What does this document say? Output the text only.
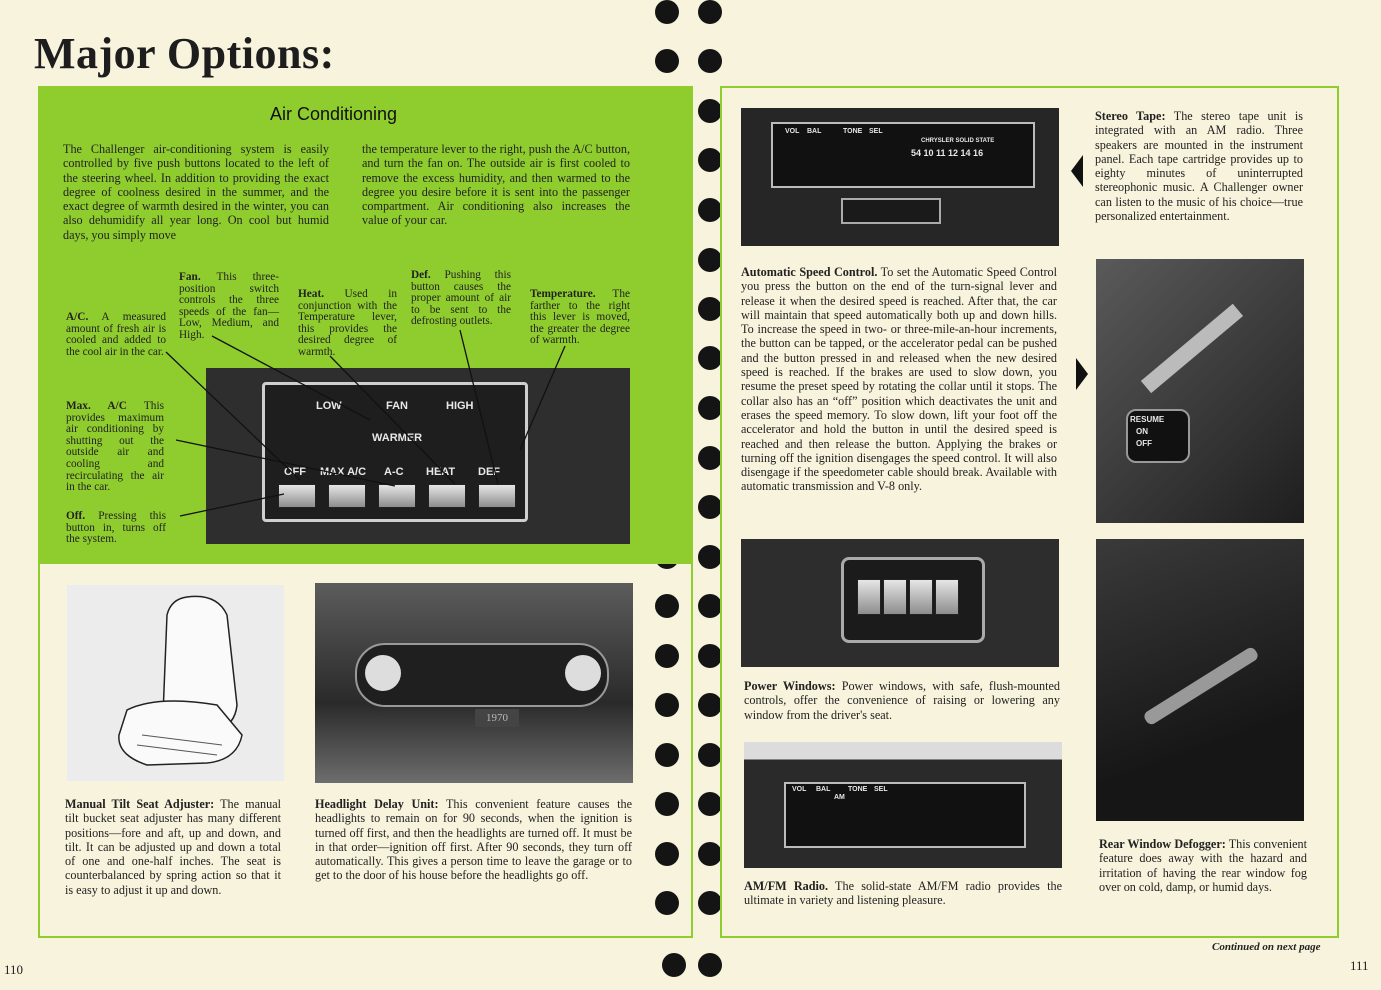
Major Options:
Air Conditioning
The Challenger air-conditioning system is easily controlled by five push buttons located to the left of the steering wheel. In addition to providing the exact degree of coolness desired in the summer, and the exact degree of warmth desired in the winter, you can also dehumidify all year long. On cool but humid days, you simply move
the temperature lever to the right, push the A/C button, and turn the fan on. The outside air is first cooled to remove the excess humidity, and then warmed to the degree you desire before it is sent into the passenger compartment. Air conditioning also increases the value of your car.
A/C. A measured amount of fresh air is cooled and added to the cool air in the car.
Fan. This three-position switch controls the three speeds of the fan—Low, Medium, and High.
Heat. Used in conjunction with the Temperature lever, this provides the desired degree of warmth.
Def. Pushing this button causes the proper amount of air to be sent to the defrosting outlets.
Temperature. The farther to the right this lever is moved, the greater the degree of warmth.
Max. A/C This provides maximum air conditioning by shutting out the outside air and cooling and recirculating the air in the car.
Off. Pressing this button in, turns off the system.
LOW	FAN	HIGH
WARMER
OFF MAX A/C A-C HEAT DEF
Manual Tilt Seat Adjuster: The manual tilt bucket seat adjuster has many different positions—fore and aft, up and down, and tilt. It can be adjusted up and down a total of one and one-half inches. The seat is counterbalanced by spring action so that it is easy to adjust it up and down.
1970
Headlight Delay Unit: This convenient feature causes the headlights to remain on for 90 seconds, when the ignition is turned off first, and then the headlights are turned off. It must be in that order—ignition off first. After 90 seconds, they turn off automatically. This gives a person time to leave the garage or to get to the door of his house before the headlights go off.
VOL BAL	TONE SEL
CHRYSLER SOLID STATE
54 10 11 12 14 16
Stereo Tape: The stereo tape unit is integrated with an AM radio. Three speakers are mounted in the instrument panel. Each tape cartridge provides up to eighty minutes of uninterrupted stereophonic music. A Challenger owner can listen to the music of his choice—true personalized entertainment.
Automatic Speed Control. To set the Automatic Speed Control you press the button on the end of the turn-signal lever and release it when the desired speed is reached. After that, the car will maintain that speed automatically both up and down hills. To increase the speed in two- or three-mile-an-hour increments, the button can be tapped, or the accelerator pedal can be pushed and the button pressed in and released when the new desired speed is reached. If the brakes are used to slow down, you resume the preset speed by rotating the collar until it stops. The collar also has an “off” position which deactivates the unit and erases the speed memory. To slow down, lift your foot off the accelerator and hold the button in until the desired speed is reached and then release the button. Applying the brakes or turning off the ignition disengages the speed control. It will also disengage if the speedometer cable should break. Available with automatic transmission and V-8 only.
RESUME
ON
OFF
Power Windows: Power windows, with safe, flush-mounted controls, offer the convenience of raising or lowering any window from the driver's seat.
VOL BAL
AM
TONE SEL
AM/FM Radio. The solid-state AM/FM radio provides the ultimate in variety and listening pleasure.
Rear Window Defogger: This convenient feature does away with the hazard and irritation of having the rear window fog over on cold, damp, or humid days.
Continued on next page
110	111
